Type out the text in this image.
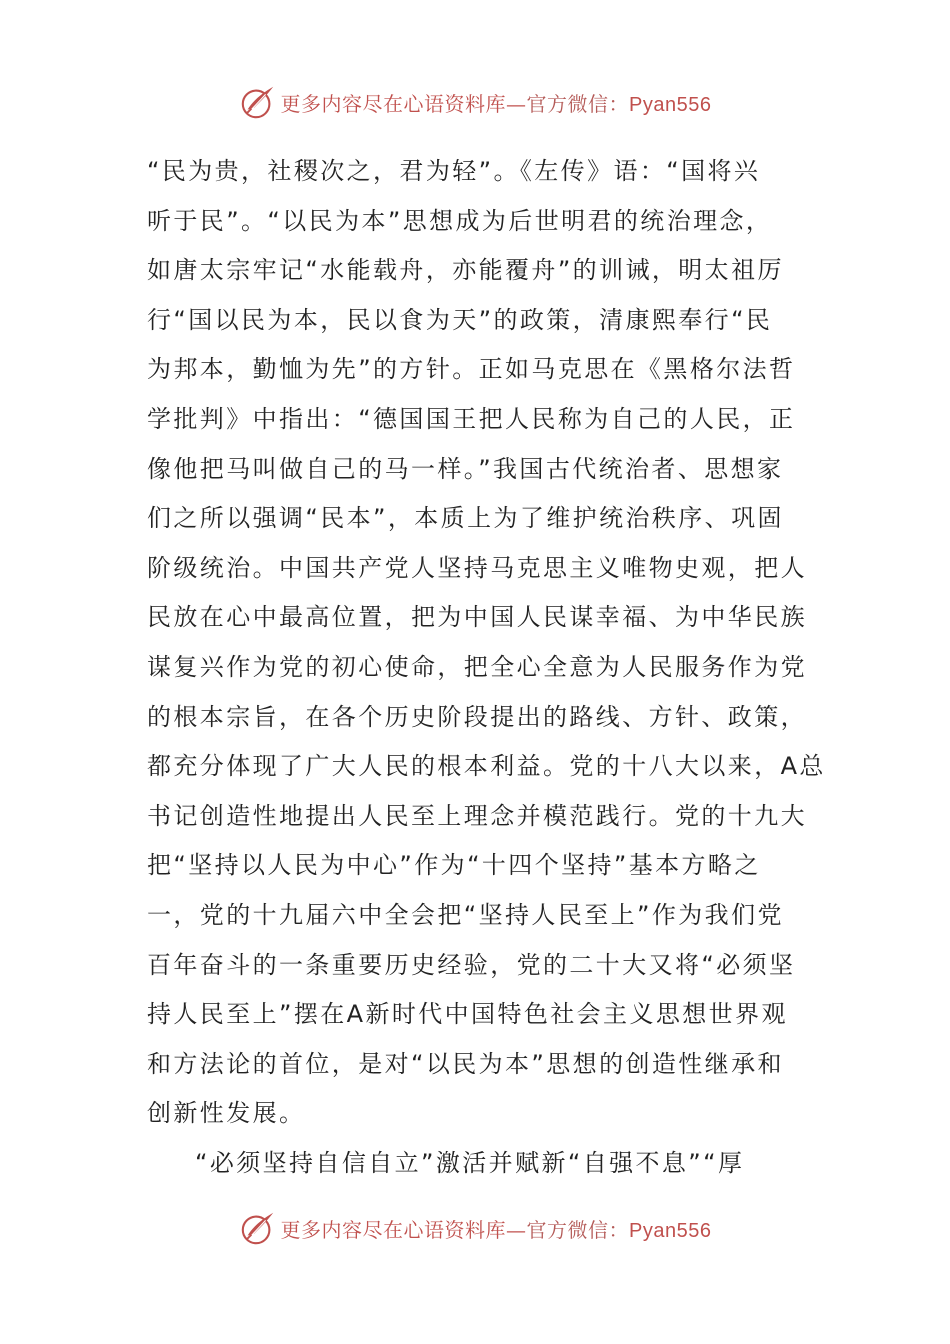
更多内容尽在心语资料库—官方微信：Pyan556
“民为贵，社稷次之，君为轻”。《左传》语：“国将兴
听于民”。“以民为本”思想成为后世明君的统治理念，
如唐太宗牢记“水能载舟，亦能覆舟”的训诫，明太祖厉
行“国以民为本，民以食为天”的政策，清康熙奉行“民
为邦本，勤恤为先”的方针。正如马克思在《黑格尔法哲
学批判》中指出：“德国国王把人民称为自己的人民，正
像他把马叫做自己的马一样。”我国古代统治者、思想家
们之所以强调“民本”，本质上为了维护统治秩序、巩固
阶级统治。中国共产党人坚持马克思主义唯物史观，把人
民放在心中最高位置，把为中国人民谋幸福、为中华民族
谋复兴作为党的初心使命，把全心全意为人民服务作为党
的根本宗旨，在各个历史阶段提出的路线、方针、政策，
都充分体现了广大人民的根本利益。党的十八大以来，A总
书记创造性地提出人民至上理念并模范践行。党的十九大
把“坚持以人民为中心”作为“十四个坚持”基本方略之
一，党的十九届六中全会把“坚持人民至上”作为我们党
百年奋斗的一条重要历史经验，党的二十大又将“必须坚
持人民至上”摆在A新时代中国特色社会主义思想世界观
和方法论的首位，是对“以民为本”思想的创造性继承和
创新性发展。
“必须坚持自信自立”激活并赋新“自强不息”“厚
更多内容尽在心语资料库—官方微信：Pyan556
